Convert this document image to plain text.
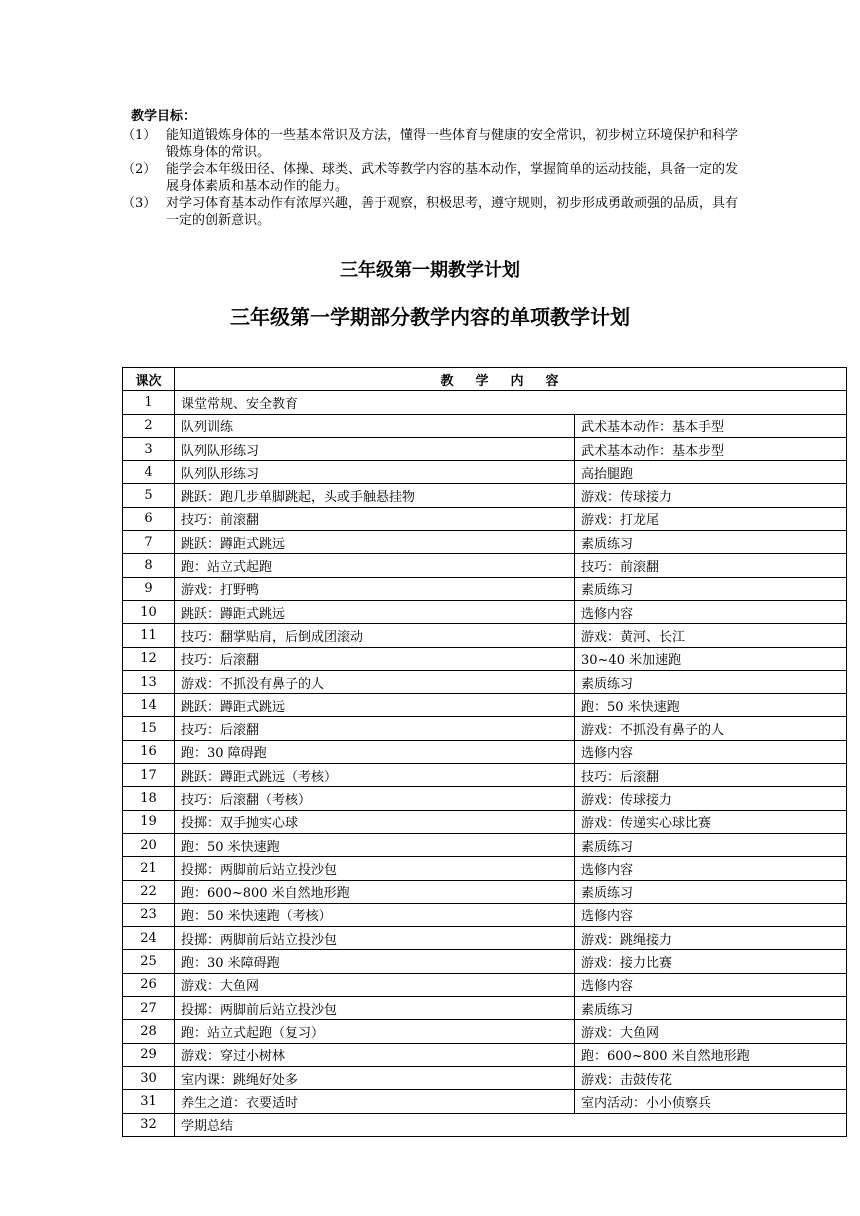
教学目标：
（1） 能知道锻炼身体的一些基本常识及方法，懂得一些体育与健康的安全常识，初步树立环境保护和科学锻炼身体的常识。
（2） 能学会本年级田径、体操、球类、武术等教学内容的基本动作，掌握简单的运动技能，具备一定的发展身体素质和基本动作的能力。
（3） 对学习体育基本动作有浓厚兴趣，善于观察，积极思考，遵守规则，初步形成勇敢顽强的品质，具有一定的创新意识。
三年级第一期教学计划
三年级第一学期部分教学内容的单项教学计划
课次	教学内容	
1	课堂常规、安全教育	
2	队列训练	武术基本动作：基本手型
3	队列队形练习	武术基本动作：基本步型
4	队列队形练习	高抬腿跑
5	跳跃：跑几步单脚跳起，头或手触悬挂物	游戏：传球接力
6	技巧：前滚翻	游戏：打龙尾
7	跳跃：蹲距式跳远	素质练习
8	跑：站立式起跑	技巧：前滚翻
9	游戏：打野鸭	素质练习
10	跳跃：蹲距式跳远	选修内容
11	技巧：翻掌贴肩，后倒成团滚动	游戏：黄河、长江
12	技巧：后滚翻	30~40 米加速跑
13	游戏：不抓没有鼻子的人	素质练习
14	跳跃：蹲距式跳远	跑：50 米快速跑
15	技巧：后滚翻	游戏：不抓没有鼻子的人
16	跑：30 障碍跑	选修内容
17	跳跃：蹲距式跳远（考核）	技巧：后滚翻
18	技巧：后滚翻（考核）	游戏：传球接力
19	投掷：双手抛实心球	游戏：传递实心球比赛
20	跑：50 米快速跑	素质练习
21	投掷：两脚前后站立投沙包	选修内容
22	跑：600~800 米自然地形跑	素质练习
23	跑：50 米快速跑（考核）	选修内容
24	投掷：两脚前后站立投沙包	游戏：跳绳接力
25	跑：30 米障碍跑	游戏：接力比赛
26	游戏：大鱼网	选修内容
27	投掷：两脚前后站立投沙包	素质练习
28	跑：站立式起跑（复习）	游戏：大鱼网
29	游戏：穿过小树林	跑：600~800 米自然地形跑
30	室内课：跳绳好处多	游戏：击鼓传花
31	养生之道：衣要适时	室内活动：小小侦察兵
32	学期总结	
